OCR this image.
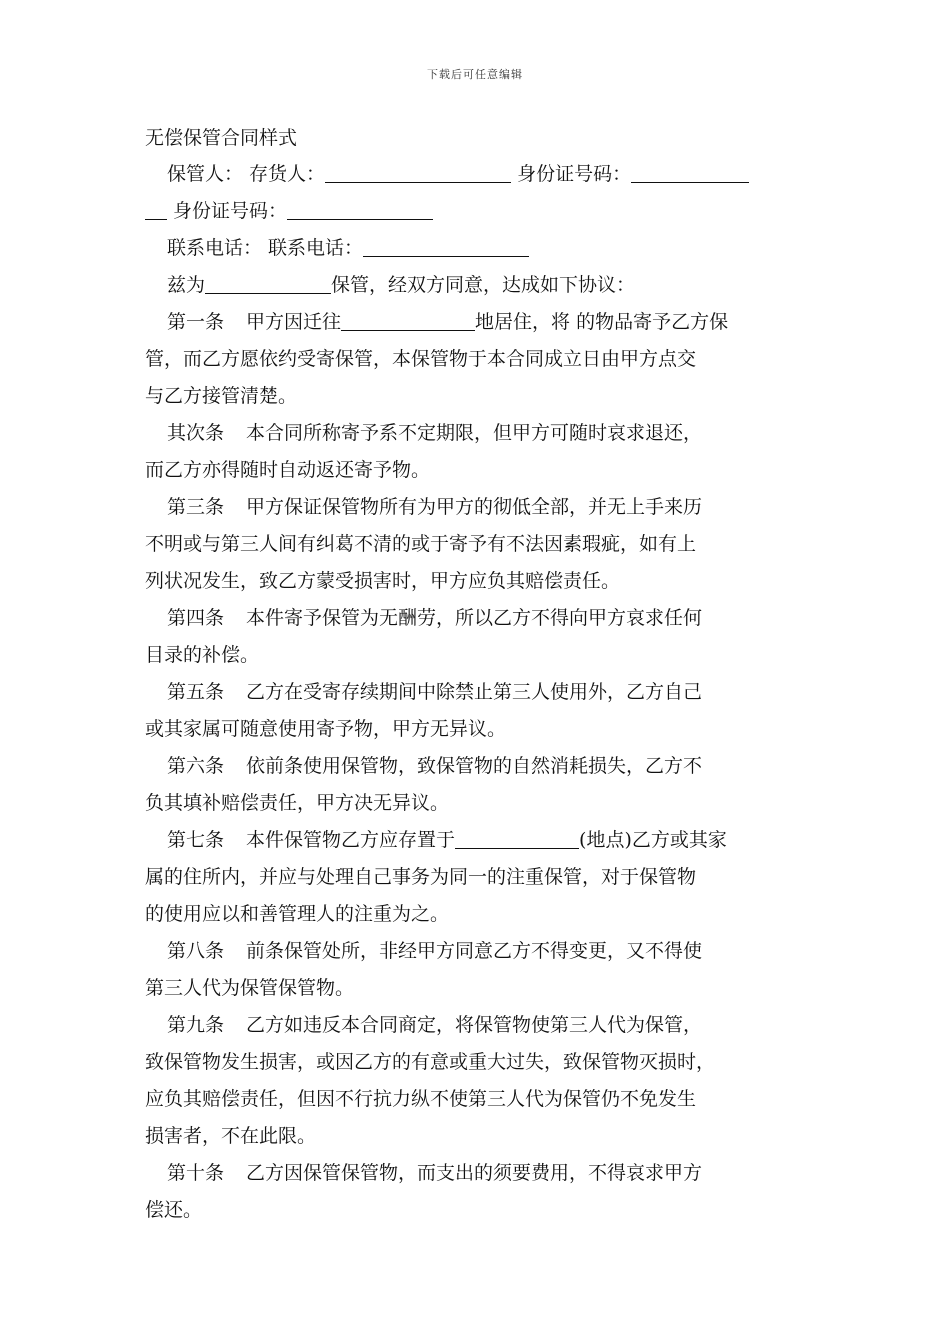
下载后可任意编辑

无偿保管合同样式

保管人： 存货人：	身份证号码：

身份证号码：

联系电话： 联系电话：

兹为	保管，经双方同意，达成如下协议：

第一条 甲方因迁往	地居住，将 的物品寄予乙方保

管，而乙方愿依约受寄保管，本保管物于本合同成立日由甲方点交

与乙方接管清楚。

其次条 本合同所称寄予系不定期限，但甲方可随时哀求退还，

而乙方亦得随时自动返还寄予物。

第三条 甲方保证保管物所有为甲方的彻低全部，并无上手来历

不明或与第三人间有纠葛不清的或于寄予有不法因素瑕疵，如有上

列状况发生，致乙方蒙受损害时，甲方应负其赔偿责任。

第四条 本件寄予保管为无酬劳，所以乙方不得向甲方哀求任何

目录的补偿。

第五条 乙方在受寄存续期间中除禁止第三人使用外，乙方自己

或其家属可随意使用寄予物，甲方无异议。

第六条 依前条使用保管物，致保管物的自然消耗损失，乙方不

负其填补赔偿责任，甲方决无异议。

第七条 本件保管物乙方应存置于	(地点)乙方或其家

属的住所内，并应与处理自己事务为同一的注重保管，对于保管物

的使用应以和善管理人的注重为之。

第八条 前条保管处所，非经甲方同意乙方不得变更，又不得使

第三人代为保管保管物。

第九条 乙方如违反本合同商定，将保管物使第三人代为保管，

致保管物发生损害，或因乙方的有意或重大过失，致保管物灭损时，

应负其赔偿责任，但因不行抗力纵不使第三人代为保管仍不免发生

损害者，不在此限。

第十条 乙方因保管保管物，而支出的须要费用，不得哀求甲方

偿还。
